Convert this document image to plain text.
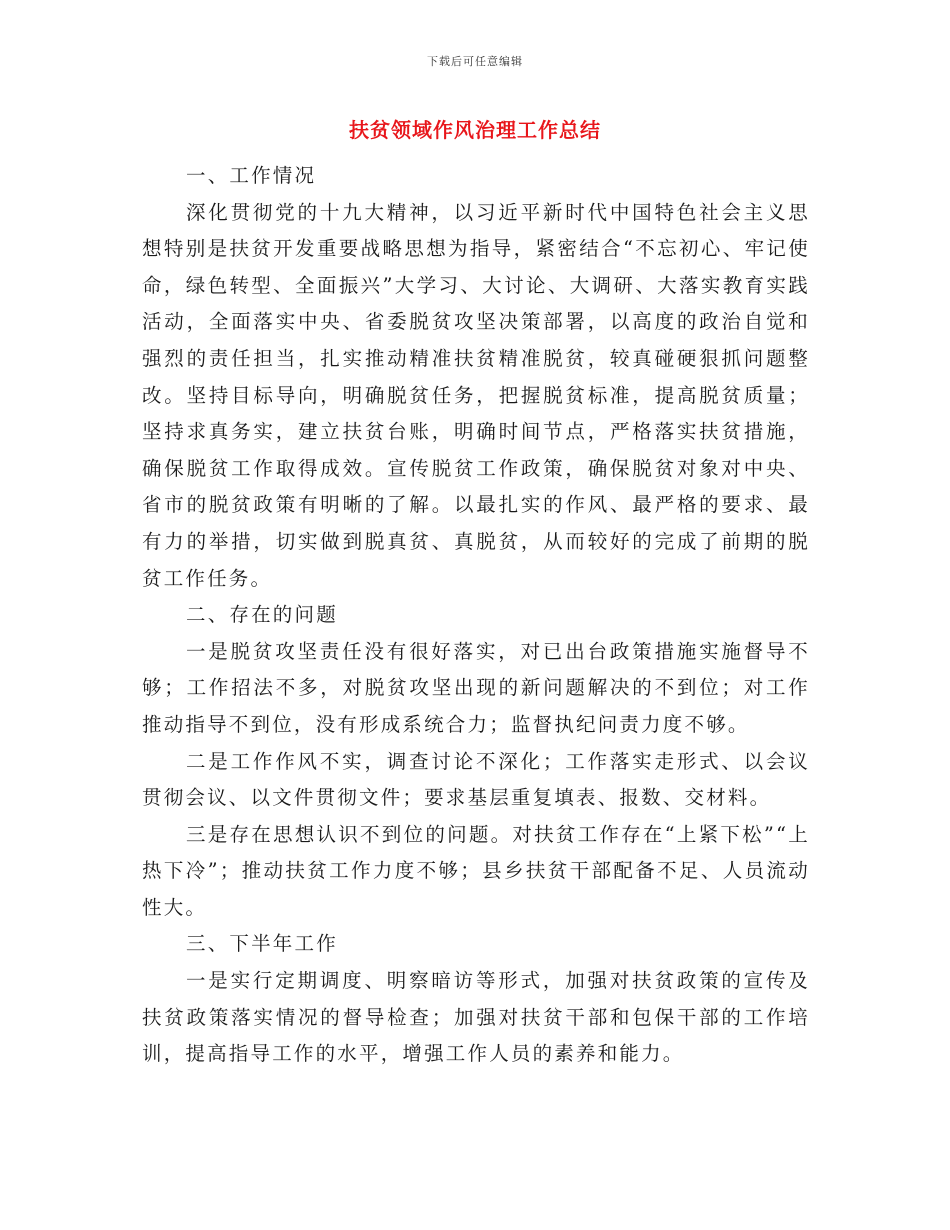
下载后可任意编辑
扶贫领域作风治理工作总结

一、工作情况

深化贯彻党的十九大精神，以习近平新时代中国特色社会主义思想特别是扶贫开发重要战略思想为指导，紧密结合“不忘初心、牢记使命，绿色转型、全面振兴”大学习、大讨论、大调研、大落实教育实践活动，全面落实中央、省委脱贫攻坚决策部署，以高度的政治自觉和强烈的责任担当，扎实推动精准扶贫精准脱贫，较真碰硬狠抓问题整改。坚持目标导向，明确脱贫任务，把握脱贫标准，提高脱贫质量；坚持求真务实，建立扶贫台账，明确时间节点，严格落实扶贫措施，确保脱贫工作取得成效。宣传脱贫工作政策，确保脱贫对象对中央、省市的脱贫政策有明晰的了解。以最扎实的作风、最严格的要求、最有力的举措，切实做到脱真贫、真脱贫，从而较好的完成了前期的脱贫工作任务。

二、存在的问题

一是脱贫攻坚责任没有很好落实，对已出台政策措施实施督导不够；工作招法不多，对脱贫攻坚出现的新问题解决的不到位；对工作推动指导不到位，没有形成系统合力；监督执纪问责力度不够。

二是工作作风不实，调查讨论不深化；工作落实走形式、以会议贯彻会议、以文件贯彻文件；要求基层重复填表、报数、交材料。

三是存在思想认识不到位的问题。对扶贫工作存在“上紧下松”“上热下冷”；推动扶贫工作力度不够；县乡扶贫干部配备不足、人员流动性大。

三、下半年工作

一是实行定期调度、明察暗访等形式，加强对扶贫政策的宣传及扶贫政策落实情况的督导检查；加强对扶贫干部和包保干部的工作培训，提高指导工作的水平，增强工作人员的素养和能力。
